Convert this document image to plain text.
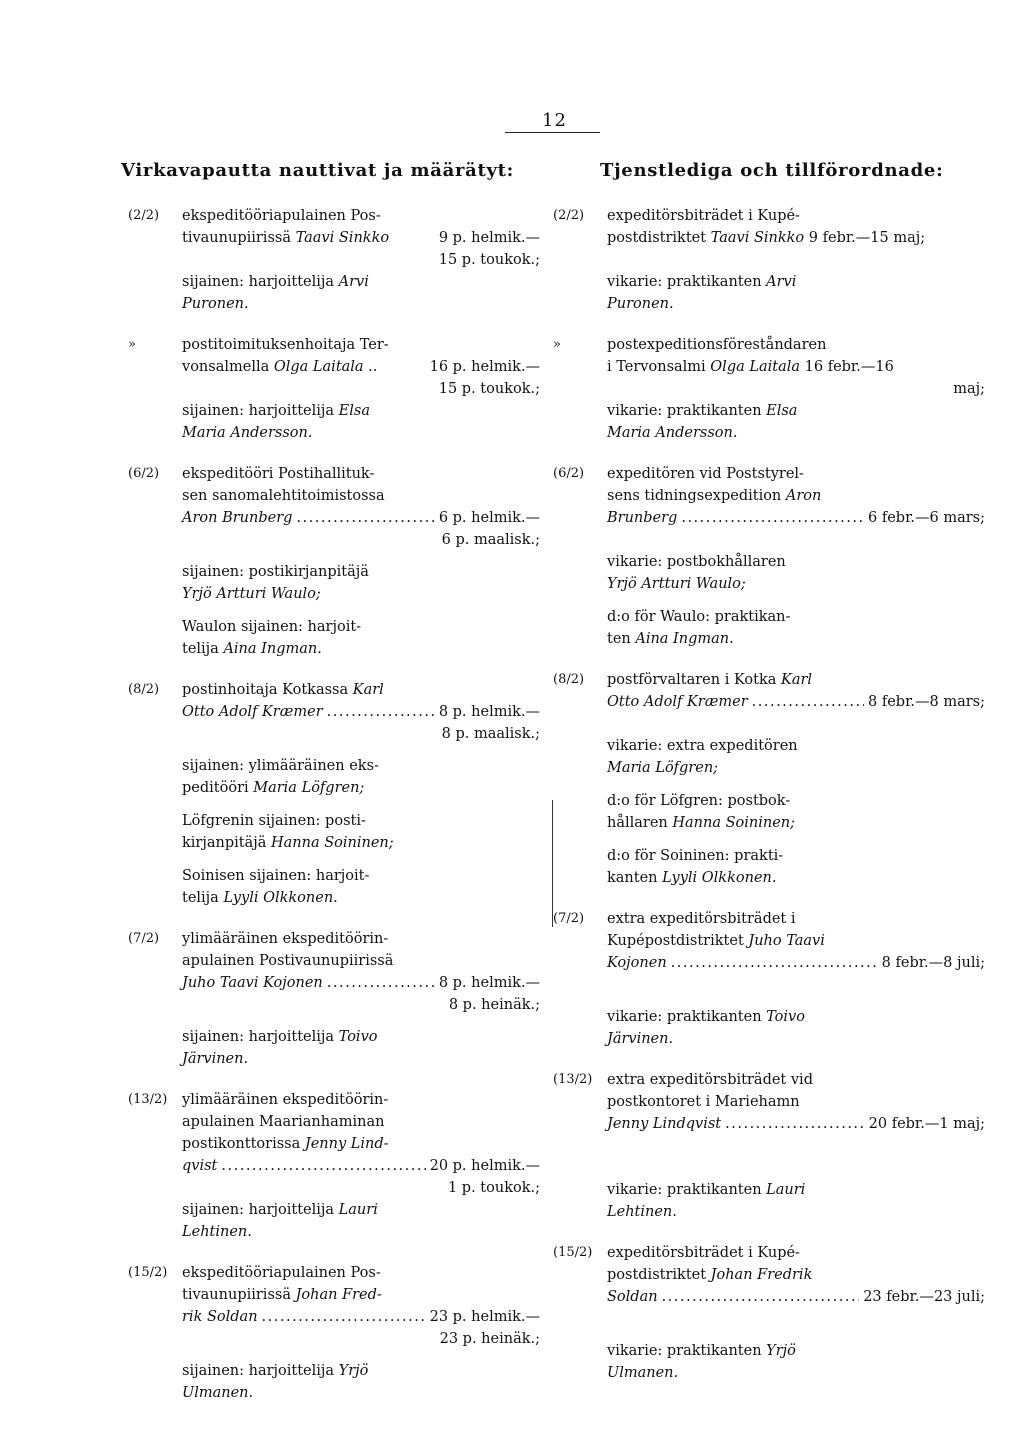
12
Virkavapautta nauttivat ja määrätyt:	Tjenstlediga och tillförordnade:
(2/2) ekspeditööriapulainen Pos-
tivaunupiirissä Taavi Sinkko	9 p. helmik.—
15 p. toukok.;
sijainen: harjoittelija Arvi
Puronen.
»	postitoimituksenhoitaja Ter-
vonsalmella Olga Laitala ..	16 p. helmik.—
15 p. toukok.;
sijainen: harjoittelija Elsa
Maria Andersson.
(6/2) ekspeditööri Postihallituk-
sen sanomalehtitoimistossa
Aron Brunberg .....	6 p. helmik.—
6 p. maalisk.;
sijainen: postikirjanpitäjä
Yrjö Artturi Waulo;
Waulon sijainen: harjoit-
telija Aina Ingman.
(8/2) postinhoitaja Kotkassa Karl
Otto Adolf Kræmer .....	8 p. helmik.—
8 p. maalisk.;
sijainen: ylimääräinen eks-
peditööri Maria Löfgren;
Löfgrenin sijainen: posti-
kirjanpitäjä Hanna Soininen;
Soinisen sijainen: harjoit-
telija Lyyli Olkkonen.
(7/2) ylimääräinen ekspeditöörin-
apulainen Postivaunupiirissä
Juho Taavi Kojonen .....	8 p. helmik.—
8 p. heinäk.;
sijainen: harjoittelija Toivo
Järvinen.
(13/2) ylimääräinen ekspeditöörin-
apulainen Maarianhaminan
postikonttorissa Jenny Lind-
qvist .....	20 p. helmik.—
1 p. toukok.;
sijainen: harjoittelija Lauri
Lehtinen.
(15/2) ekspeditööriapulainen Pos-
tivaunupiirissä Johan Fred-
rik Soldan .....	23 p. helmik.—
23 p. heinäk.;
sijainen: harjoittelija Yrjö
Ulmanen.
(2/2) expeditörsbiträdet i Kupé-
postdistriktet Taavi Sinkko 9 febr.—15 maj;
vikarie: praktikanten Arvi
Puronen.
»	postexpeditionsföreståndaren
i Tervonsalmi Olga Laitala 16 febr.—16
maj;
vikarie: praktikanten Elsa
Maria Andersson.
(6/2) expeditören vid Poststyrel-
sens tidningsexpedition Aron
Brunberg .....	6 febr.—6 mars;
vikarie: postbokhållaren
Yrjö Artturi Waulo;
d:o för Waulo: praktikan-
ten Aina Ingman.
(8/2) postförvaltaren i Kotka Karl
Otto Adolf Kræmer .....	8 febr.—8 mars;
vikarie: extra expeditören
Maria Löfgren;
d:o för Löfgren: postbok-
hållaren Hanna Soininen;
d:o för Soininen: prakti-
kanten Lyyli Olkkonen.
(7/2) extra expeditörsbiträdet i
Kupépostdistriktet Juho Taavi
Kojonen .....	8 febr.—8 juli;
vikarie: praktikanten Toivo
Järvinen.
(13/2) extra expeditörsbiträdet vid
postkontoret i Mariehamn
Jenny Lindqvist .....	20 febr.—1 maj;
vikarie: praktikanten Lauri
Lehtinen.
(15/2) expeditörsbiträdet i Kupé-
postdistriktet Johan Fredrik
Soldan .....	23 febr.—23 juli;
vikarie: praktikanten Yrjö
Ulmanen.
